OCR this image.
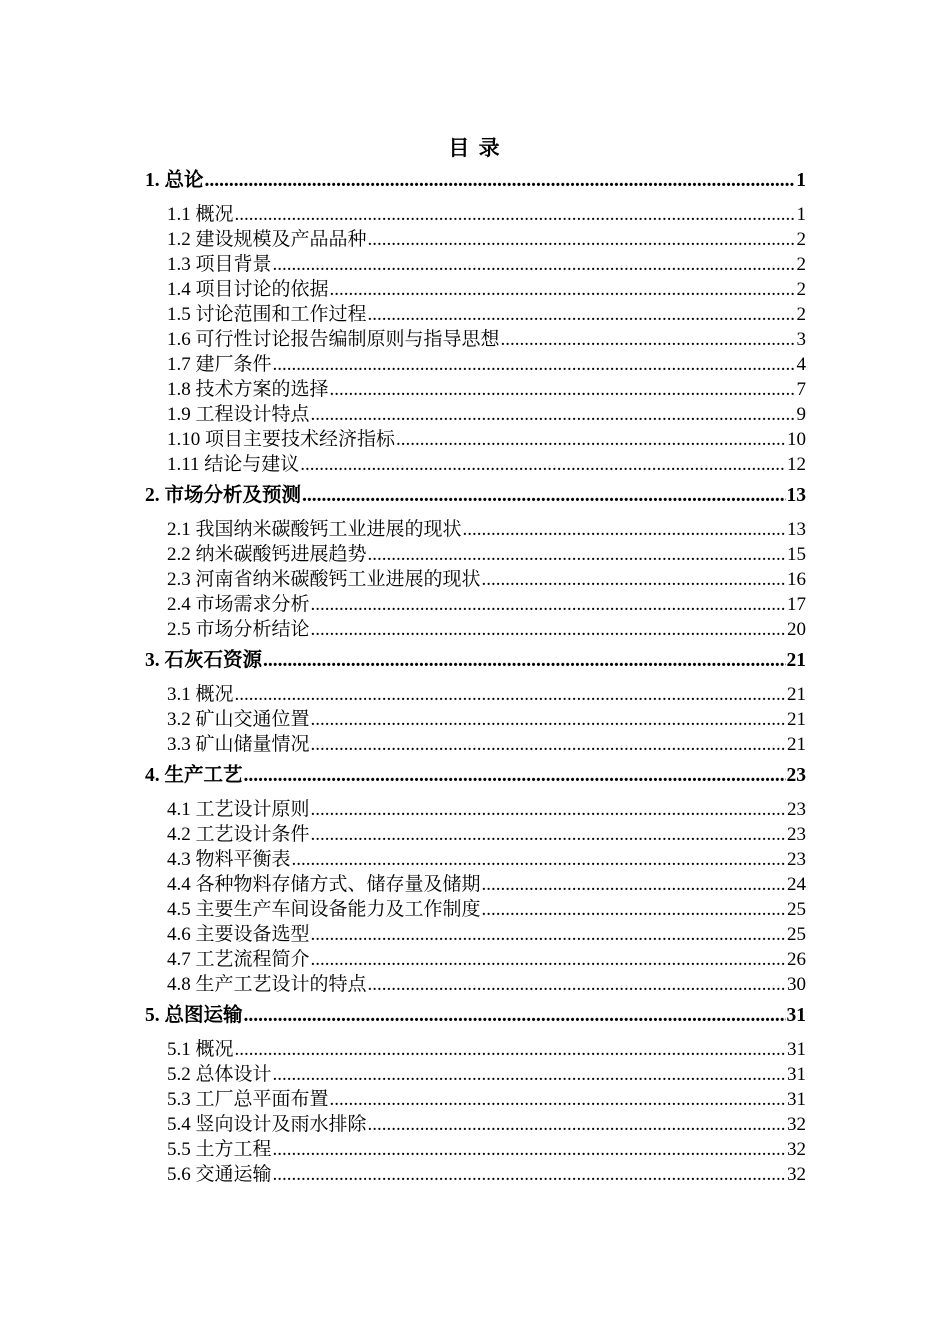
目 录
1. 总论 .....	1
1.1 概况 .....	1
1.2 建设规模及产品品种 .....	2
1.3 项目背景 .....	2
1.4 项目讨论的依据 .....	2
1.5 讨论范围和工作过程 .....	2
1.6 可行性讨论报告编制原则与指导思想 .....	3
1.7 建厂条件 .....	4
1.8 技术方案的选择 .....	7
1.9 工程设计特点 .....	9
1.10 项目主要技术经济指标 .....	10
1.11 结论与建议 .....	12
2. 市场分析及预测 .....	13
2.1 我国纳米碳酸钙工业进展的现状 .....	13
2.2 纳米碳酸钙进展趋势 .....	15
2.3 河南省纳米碳酸钙工业进展的现状 .....	16
2.4 市场需求分析 .....	17
2.5 市场分析结论 .....	20
3. 石灰石资源 .....	21
3.1 概况 .....	21
3.2 矿山交通位置 .....	21
3.3 矿山储量情况 .....	21
4. 生产工艺 .....	23
4.1 工艺设计原则 .....	23
4.2 工艺设计条件 .....	23
4.3 物料平衡表 .....	23
4.4 各种物料存储方式、储存量及储期 .....	24
4.5 主要生产车间设备能力及工作制度 .....	25
4.6 主要设备选型 .....	25
4.7 工艺流程简介 .....	26
4.8 生产工艺设计的特点 .....	30
5. 总图运输 .....	31
5.1 概况 .....	31
5.2 总体设计 .....	31
5.3 工厂总平面布置 .....	31
5.4 竖向设计及雨水排除 .....	32
5.5 土方工程 .....	32
5.6 交通运输 .....	32
